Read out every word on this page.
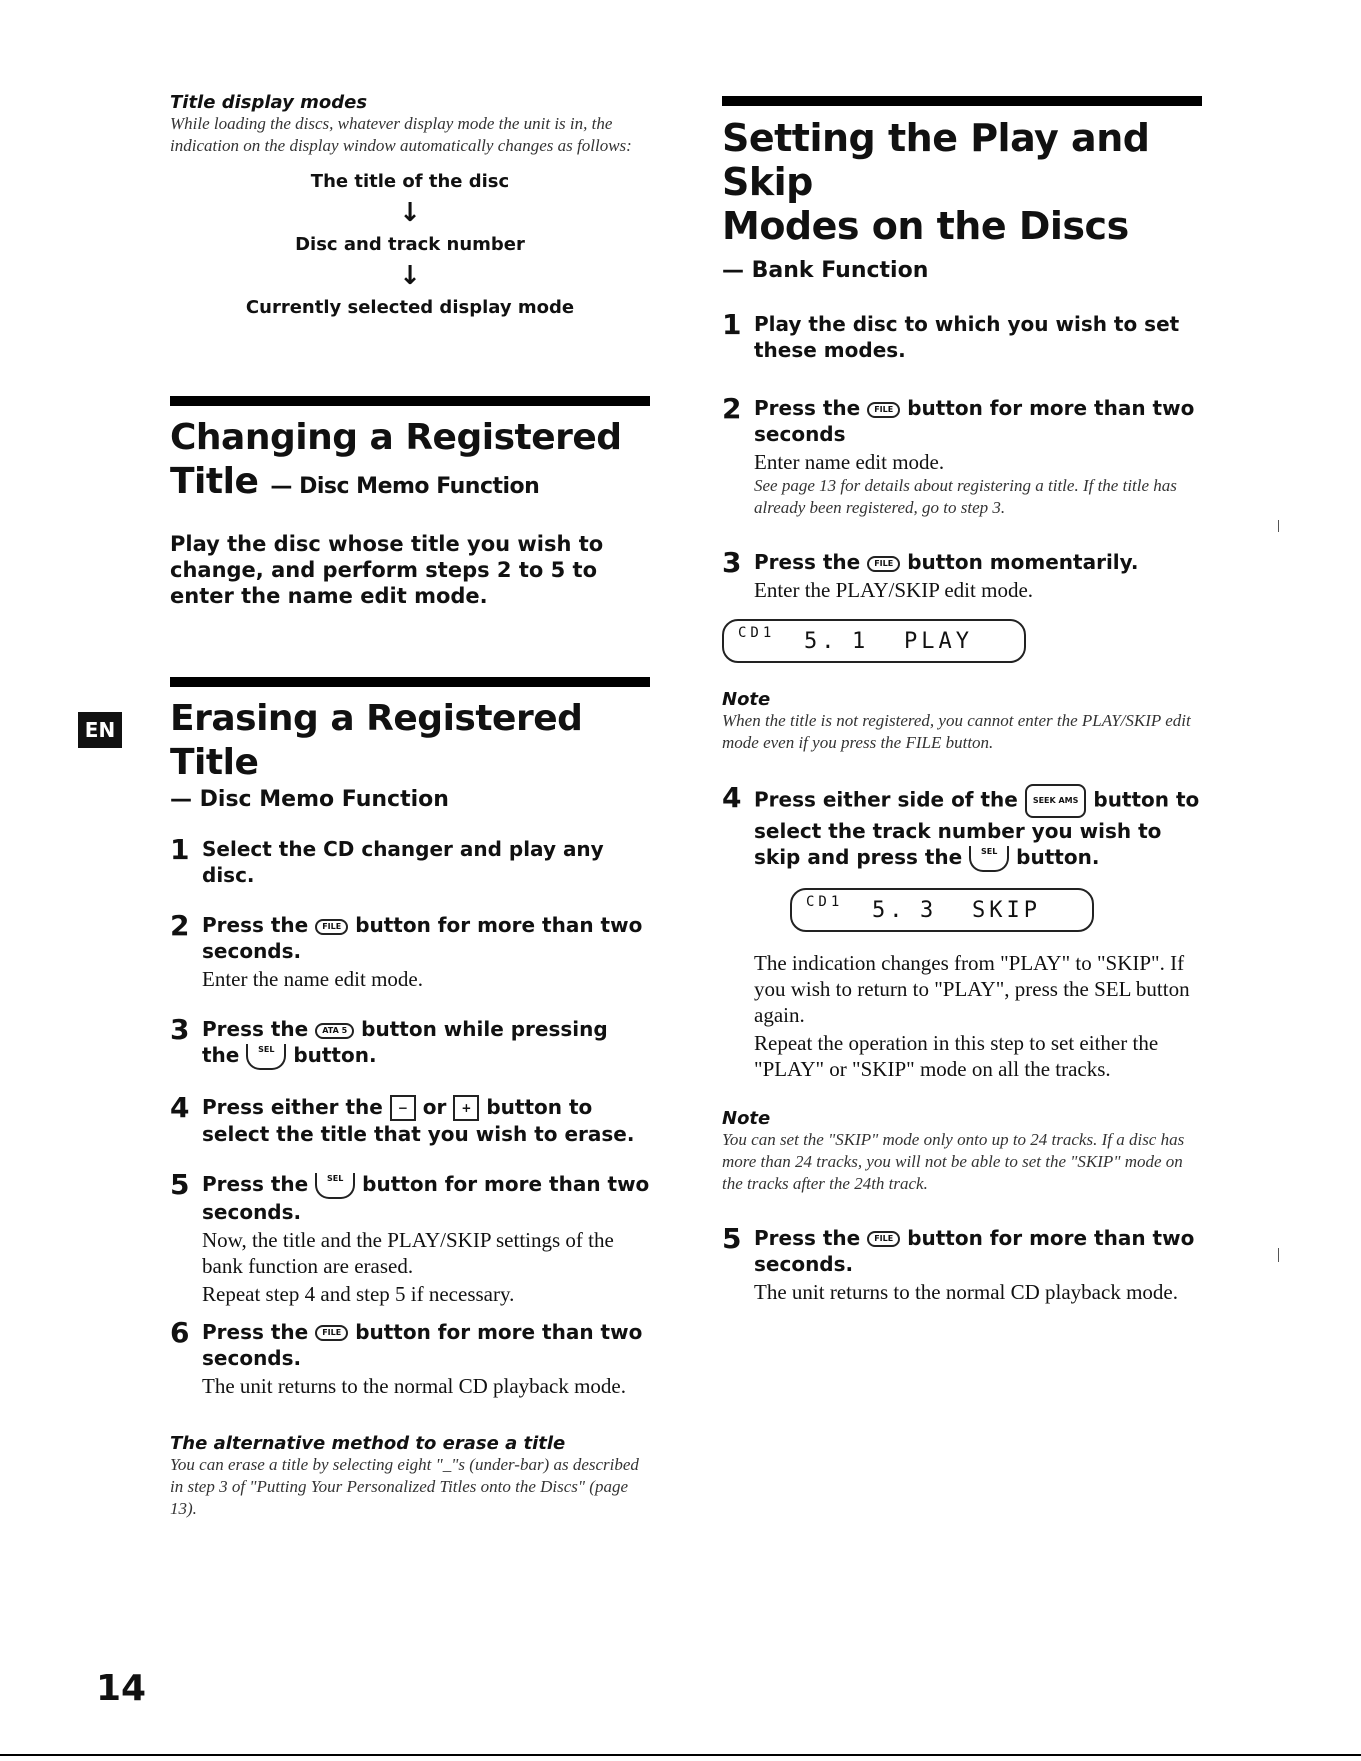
Title display modes

While loading the discs, whatever display mode the unit is in, the indication on the display window automatically changes as follows:

The title of the disc
↓
Disc and track number
↓
Currently selected display mode
Changing a Registered
Title — Disc Memo Function
Play the disc whose title you wish to change, and perform steps 2 to 5 to enter the name edit mode.
Erasing a Registered Title
— Disc Memo Function
1 Select the CD changer and play any disc.
2 Press the FILE button for more than two seconds.

Enter the name edit mode.

3 Press the ATA 5 button while pressing the SEL button.
4 Press either the − or + button to select the title that you wish to erase.
5 Press the SEL button for more than two seconds.

Now, the title and the PLAY/SKIP settings of the bank function are erased.

Repeat step 4 and step 5 if necessary.

6 Press the FILE button for more than two seconds.

The unit returns to the normal CD playback mode.

The alternative method to erase a title

You can erase a title by selecting eight "_"s (under-bar) as described in step 3 of "Putting Your Personalized Titles onto the Discs" (page 13).

Setting the Play and Skip
Modes on the Discs
— Bank Function
1 Play the disc to which you wish to set these modes.
2 Press the FILE button for more than two seconds

Enter name edit mode.

See page 13 for details about registering a title. If the title has already been registered, go to step 3.

3 Press the FILE button momentarily.

Enter the PLAY/SKIP edit mode.

CD1 5. 1 PLAY
Note

When the title is not registered, you cannot enter the PLAY/SKIP edit mode even if you press the FILE button.

4 Press either side of the SEEK AMS button to select the track number you wish to skip and press the SEL button.
CD1 5. 3 SKIP

The indication changes from "PLAY" to "SKIP". If you wish to return to "PLAY", press the SEL button again.

Repeat the operation in this step to set either the "PLAY" or "SKIP" mode on all the tracks.

Note

You can set the "SKIP" mode only onto up to 24 tracks. If a disc has more than 24 tracks, you will not be able to set the "SKIP" mode on the tracks after the 24th track.

5 Press the FILE button for more than two seconds.

The unit returns to the normal CD playback mode.

EN
14
